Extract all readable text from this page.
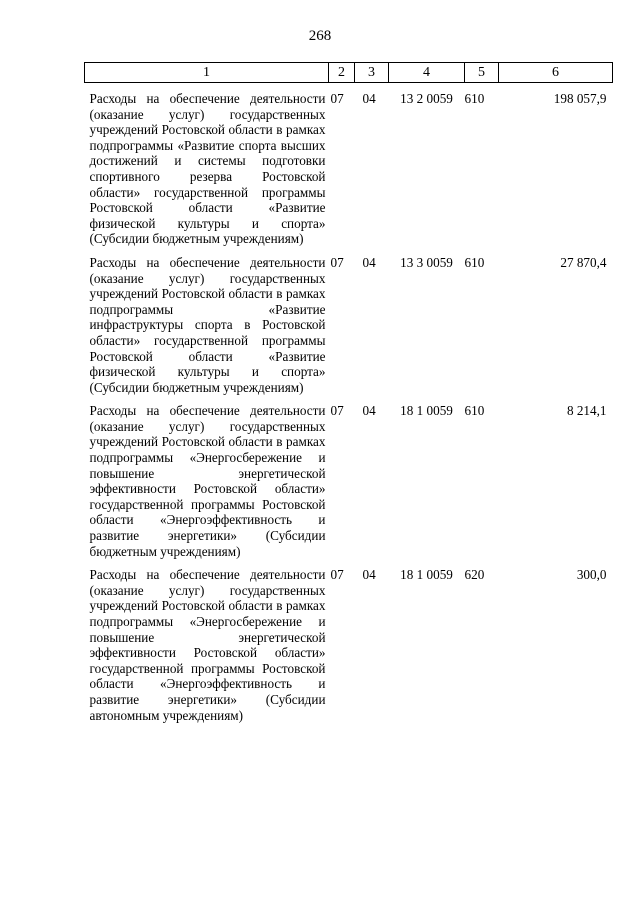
268
1	2	3	4	5	6
Расходы на обеспечение деятельности (оказание услуг) государственных учреждений Ростовской области в рамках подпрограммы «Развитие спорта высших достижений и системы подготовки спортивного резерва Ростовской области» государственной программы Ростовской области «Развитие физической культуры и спорта» (Субсидии бюджетным учреждениям)	07	04	13 2 0059	610	198 057,9
Расходы на обеспечение деятельности (оказание услуг) государственных учреждений Ростовской области в рамках подпрограммы «Развитие инфраструктуры спорта в Ростовской области» государственной программы Ростовской области «Развитие физической культуры и спорта» (Субсидии бюджетным учреждениям)	07	04	13 3 0059	610	27 870,4
Расходы на обеспечение деятельности (оказание услуг) государственных учреждений Ростовской области в рамках подпрограммы «Энергосбережение и повышение энергетической эффективности Ростовской области» государственной программы Ростовской области «Энергоэффективность и развитие энергетики» (Субсидии бюджетным учреждениям)	07	04	18 1 0059	610	8 214,1
Расходы на обеспечение деятельности (оказание услуг) государственных учреждений Ростовской области в рамках подпрограммы «Энергосбережение и повышение энергетической эффективности Ростовской области» государственной программы Ростовской области «Энергоэффективность и развитие энергетики» (Субсидии автономным учреждениям)	07	04	18 1 0059	620	300,0
